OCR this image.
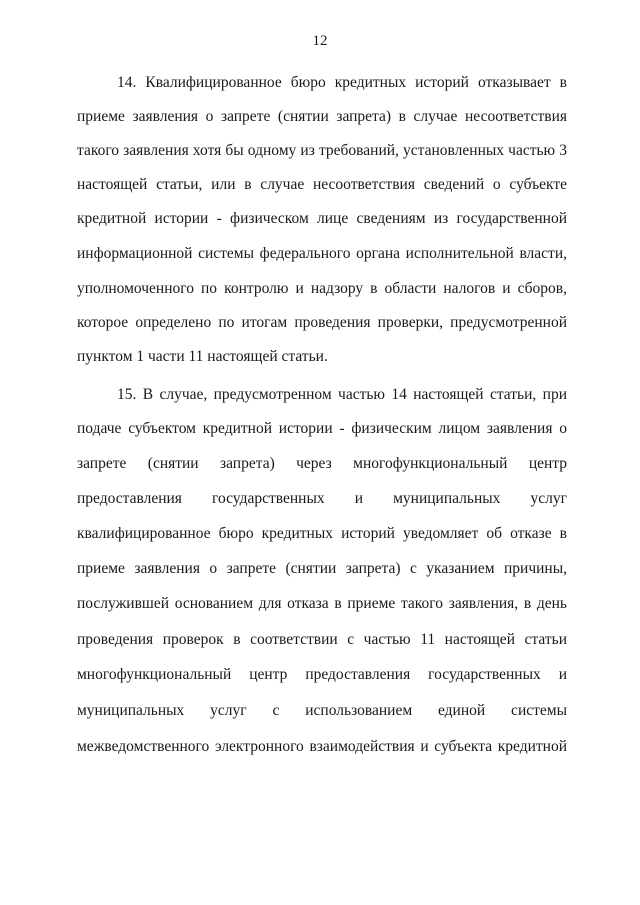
12
14. Квалифицированное бюро кредитных историй отказывает в
приеме заявления о запрете (снятии запрета) в случае несоответствия
такого заявления хотя бы одному из требований, установленных частью 3
настоящей статьи, или в случае несоответствия сведений о субъекте
кредитной истории - физическом лице сведениям из государственной
информационной системы федерального органа исполнительной власти,
уполномоченного по контролю и надзору в области налогов и сборов,
которое определено по итогам проведения проверки, предусмотренной
пунктом 1 части 11 настоящей статьи.
15. В случае, предусмотренном частью 14 настоящей статьи, при
подаче субъектом кредитной истории - физическим лицом заявления о
запрете (снятии запрета) через многофункциональный центр
предоставления государственных и муниципальных услуг
квалифицированное бюро кредитных историй уведомляет об отказе в
приеме заявления о запрете (снятии запрета) с указанием причины,
послужившей основанием для отказа в приеме такого заявления, в день
проведения проверок в соответствии с частью 11 настоящей статьи
многофункциональный центр предоставления государственных и
муниципальных услуг с использованием единой системы
межведомственного электронного взаимодействия и субъекта кредитной
